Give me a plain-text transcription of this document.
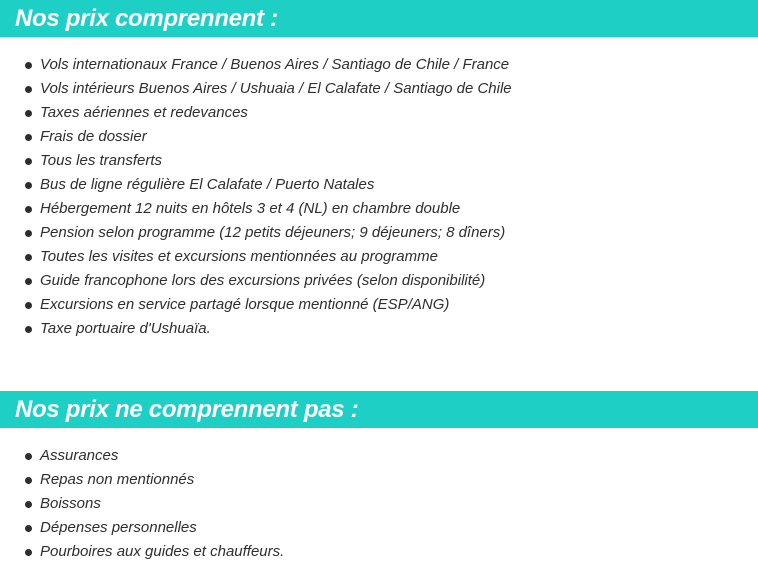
Nos prix comprennent :
Vols internationaux France / Buenos Aires / Santiago de Chile / France
Vols intérieurs Buenos Aires / Ushuaia / El Calafate / Santiago de Chile
Taxes aériennes et redevances
Frais de dossier
Tous les transferts
Bus de ligne régulière El Calafate / Puerto Natales
Hébergement 12 nuits en hôtels 3 et 4 (NL) en chambre double
Pension selon programme (12 petits déjeuners; 9 déjeuners; 8 dîners)
Toutes les visites et excursions mentionnées au programme
Guide francophone lors des excursions privées (selon disponibilité)
Excursions en service partagé lorsque mentionné (ESP/ANG)
Taxe portuaire d'Ushuaïa.
Nos prix ne comprennent pas :
Assurances
Repas non mentionnés
Boissons
Dépenses personnelles
Pourboires aux guides et chauffeurs.
